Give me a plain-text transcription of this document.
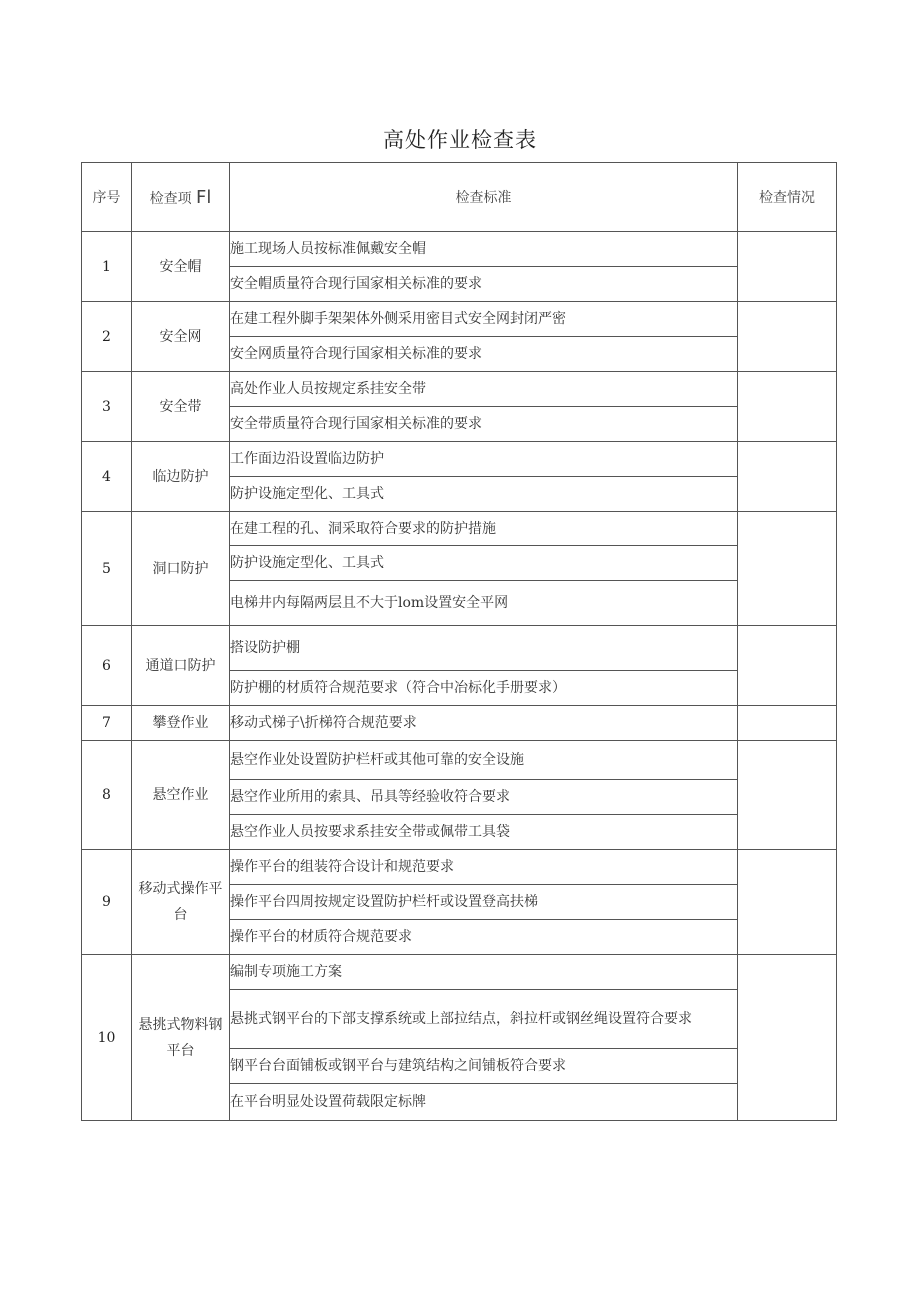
高处作业检查表
序号	检查项 Fl	检查标准	检查情况
1	安全帽	施工现场人员按标准佩戴安全帽	
		安全帽质量符合现行国家相关标准的要求	
2	安全网	在建工程外脚手架架体外侧采用密目式安全网封闭严密	
		安全网质量符合现行国家相关标准的要求	
3	安全带	高处作业人员按规定系挂安全带	
		安全带质量符合现行国家相关标准的要求	
4	临边防护	工作面边沿设置临边防护	
		防护设施定型化、工具式	
5	洞口防护	在建工程的孔、洞采取符合要求的防护措施	
		防护设施定型化、工具式	
		电梯井内每隔两层且不大于lom设置安全平网	
6	通道口防护	搭设防护棚	
		防护棚的材质符合规范要求（符合中冶标化手册要求）	
7	攀登作业	移动式梯子\折梯符合规范要求	
8	悬空作业	悬空作业处设置防护栏杆或其他可靠的安全设施	
		悬空作业所用的索具、吊具等经验收符合要求	
		悬空作业人员按要求系挂安全带或佩带工具袋	
9	移动式操作平台	操作平台的组装符合设计和规范要求	
		操作平台四周按规定设置防护栏杆或设置登高扶梯	
		操作平台的材质符合规范要求	
10	悬挑式物料钢平台	编制专项施工方案	
		悬挑式钢平台的下部支撑系统或上部拉结点，斜拉杆或钢丝绳设置符合要求	
		钢平台台面铺板或钢平台与建筑结构之间铺板符合要求	
		在平台明显处设置荷载限定标牌	
